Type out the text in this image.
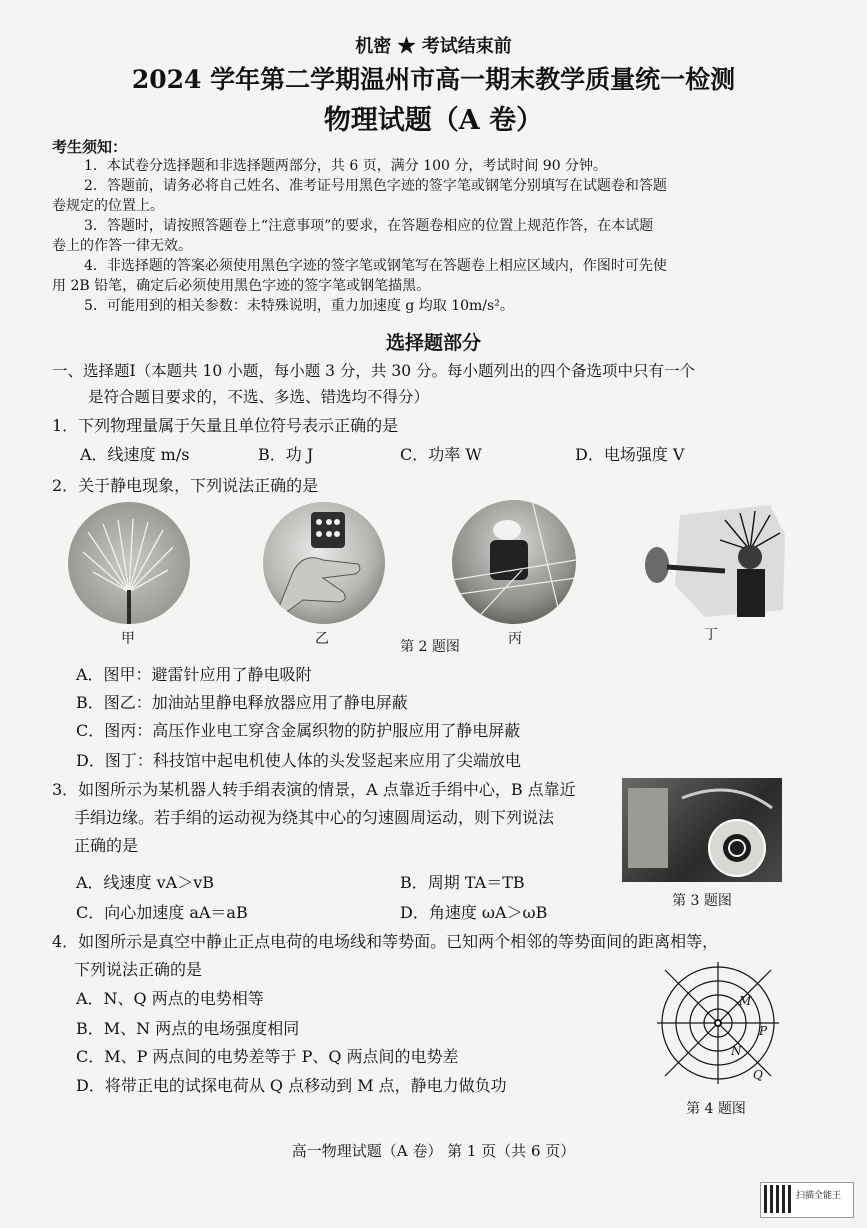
机密 ★ 考试结束前
2024 学年第二学期温州市高一期末教学质量统一检测
物理试题（A 卷）
考生须知：
1．本试卷分选择题和非选择题两部分，共 6 页，满分 100 分，考试时间 90 分钟。
2．答题前，请务必将自己姓名、准考证号用黑色字迹的签字笔或钢笔分别填写在试题卷和答题
卷规定的位置上。
3．答题时，请按照答题卷上“注意事项”的要求，在答题卷相应的位置上规范作答，在本试题
卷上的作答一律无效。
4．非选择题的答案必须使用黑色字迹的签字笔或钢笔写在答题卷上相应区域内，作图时可先使
用 2B 铅笔，确定后必须使用黑色字迹的签字笔或钢笔描黑。
5．可能用到的相关参数：未特殊说明，重力加速度 g 均取 10m/s²。
选择题部分
一、选择题Ⅰ（本题共 10 小题，每小题 3 分，共 30 分。每小题列出的四个备选项中只有一个
是符合题目要求的，不选、多选、错选均不得分）
1．下列物理量属于矢量且单位符号表示正确的是
A．线速度 m/s	B．功 J	C．功率 W	D．电场强度 V
2．关于静电现象，下列说法正确的是
甲	乙	第 2 题图	丙	丁
A．图甲：避雷针应用了静电吸附
B．图乙：加油站里静电释放器应用了静电屏蔽
C．图丙：高压作业电工穿含金属织物的防护服应用了静电屏蔽
D．图丁：科技馆中起电机使人体的头发竖起来应用了尖端放电
3．如图所示为某机器人转手绢表演的情景，A 点靠近手绢中心，B 点靠近
手绢边缘。若手绢的运动视为绕其中心的匀速圆周运动，则下列说法
正确的是
第 3 题图
A．线速度 vA＞vB	B．周期 TA＝TB
C．向心加速度 aA＝aB	D．角速度 ωA＞ωB
4．如图所示是真空中静止正点电荷的电场线和等势面。已知两个相邻的等势面间的距离相等，
下列说法正确的是
A．N、Q 两点的电势相等
B．M、N 两点的电场强度相同
C．M、P 两点间的电势差等于 P、Q 两点间的电势差
D．将带正电的试探电荷从 Q 点移动到 M 点，静电力做负功
M
P
N
Q
第 4 题图
高一物理试题（A 卷） 第 1 页（共 6 页）
扫描全能王
